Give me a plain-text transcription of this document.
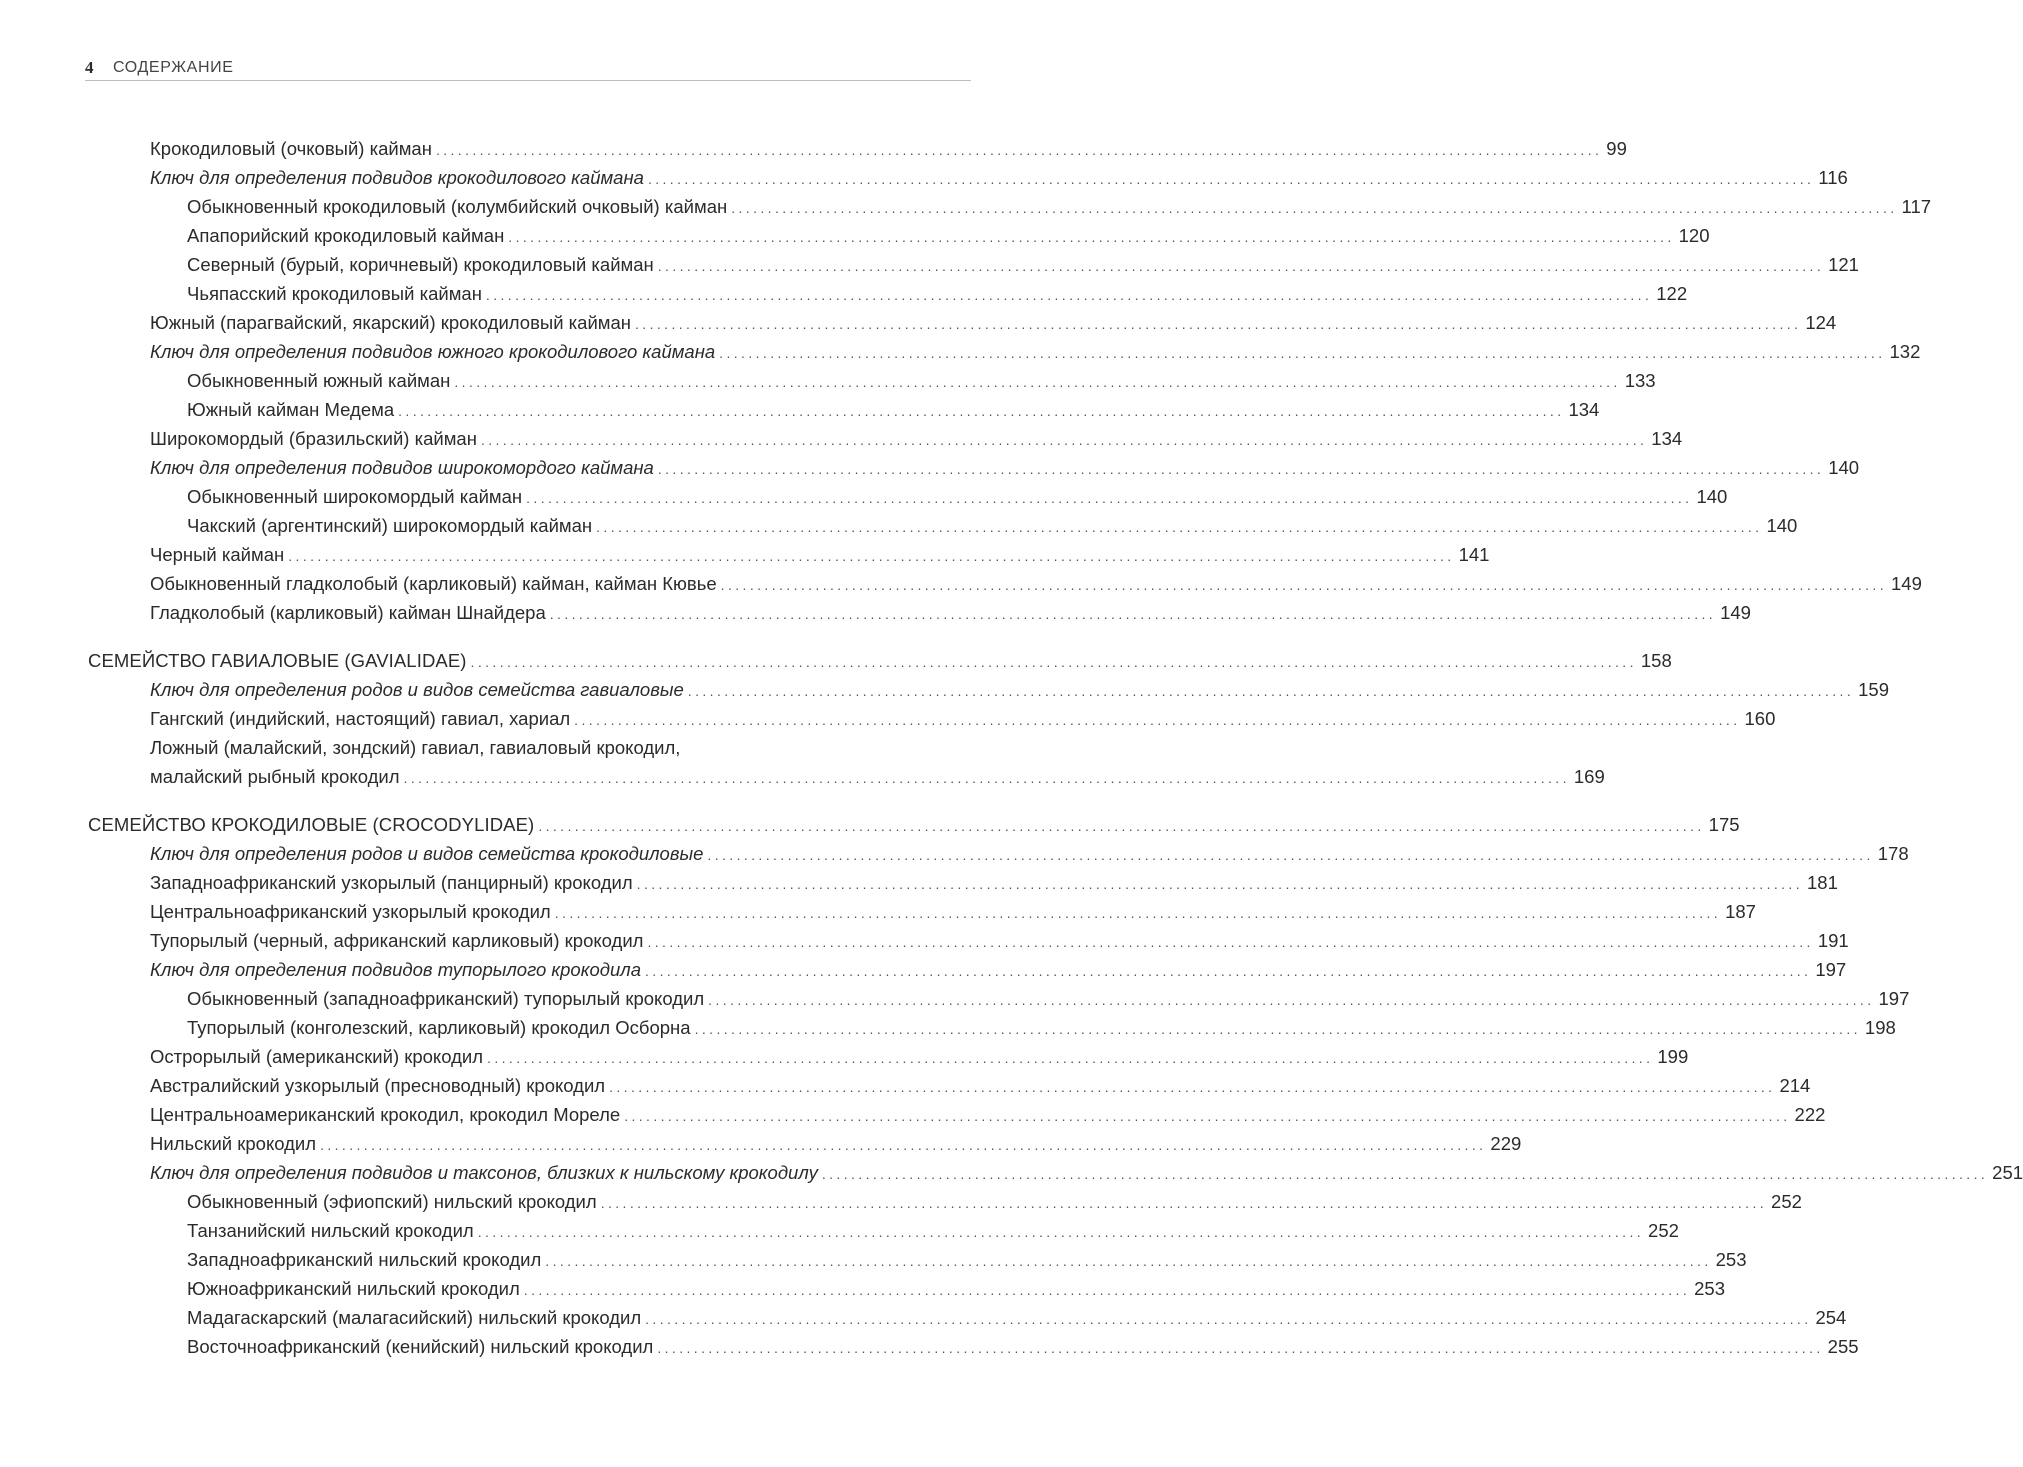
4 СОДЕРЖАНИЕ
Крокодиловый (очковый) кайман ................................................................................................................................................................ 99
Ключ для определения подвидов крокодилового каймана ................................................................................................................................................................ 116
Обыкновенный крокодиловый (колумбийский очковый) кайман ................................................................................................................................................................ 117
Апапорийский крокодиловый кайман ................................................................................................................................................................ 120
Северный (бурый, коричневый) крокодиловый кайман ................................................................................................................................................................ 121
Чьяпасский крокодиловый кайман ................................................................................................................................................................ 122
Южный (парагвайский, якарский) крокодиловый кайман ................................................................................................................................................................ 124
Ключ для определения подвидов южного крокодилового каймана ................................................................................................................................................................ 132
Обыкновенный южный кайман ................................................................................................................................................................ 133
Южный кайман Медема ................................................................................................................................................................ 134
Широкомордый (бразильский) кайман ................................................................................................................................................................ 134
Ключ для определения подвидов широкомордого каймана ................................................................................................................................................................ 140
Обыкновенный широкомордый кайман ................................................................................................................................................................ 140
Чакский (аргентинский) широкомордый кайман ................................................................................................................................................................ 140
Черный кайман ................................................................................................................................................................ 141
Обыкновенный гладколобый (карликовый) кайман, кайман Кювье ................................................................................................................................................................ 149
Гладколобый (карликовый) кайман Шнайдера ................................................................................................................................................................ 149
СЕМЕЙСТВО ГАВИАЛОВЫЕ (GAVIALIDAE) ................................................................................................................................................................ 158
Ключ для определения родов и видов семейства гавиаловые ................................................................................................................................................................ 159
Гангский (индийский, настоящий) гавиал, хариал ................................................................................................................................................................ 160
Ложный (малайский, зондский) гавиал, гавиаловый крокодил,
малайский рыбный крокодил ................................................................................................................................................................ 169
СЕМЕЙСТВО КРОКОДИЛОВЫЕ (CROCODYLIDAE) ................................................................................................................................................................ 175
Ключ для определения родов и видов семейства крокодиловые ................................................................................................................................................................ 178
Западноафриканский узкорылый (панцирный) крокодил ................................................................................................................................................................ 181
Центральноафриканский узкорылый крокодил ................................................................................................................................................................ 187
Тупорылый (черный, африканский карликовый) крокодил ................................................................................................................................................................ 191
Ключ для определения подвидов тупорылого крокодила ................................................................................................................................................................ 197
Обыкновенный (западноафриканский) тупорылый крокодил ................................................................................................................................................................ 197
Тупорылый (конголезский, карликовый) крокодил Осборна ................................................................................................................................................................ 198
Острорылый (американский) крокодил ................................................................................................................................................................ 199
Австралийский узкорылый (пресноводный) крокодил ................................................................................................................................................................ 214
Центральноамериканский крокодил, крокодил Мореле ................................................................................................................................................................ 222
Нильский крокодил ................................................................................................................................................................ 229
Ключ для определения подвидов и таксонов, близких к нильскому крокодилу ................................................................................................................................................................ 251
Обыкновенный (эфиопский) нильский крокодил ................................................................................................................................................................ 252
Танзанийский нильский крокодил ................................................................................................................................................................ 252
Западноафриканский нильский крокодил ................................................................................................................................................................ 253
Южноафриканский нильский крокодил ................................................................................................................................................................ 253
Мадагаскарский (малагасийский) нильский крокодил ................................................................................................................................................................ 254
Восточноафриканский (кенийский) нильский крокодил ................................................................................................................................................................ 255
